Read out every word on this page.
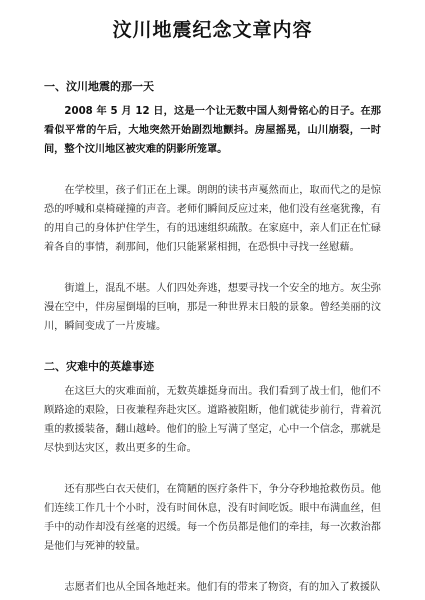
汶川地震纪念文章内容
一、汶川地震的那一天

2008 年 5 月 12 日，这是一个让无数中国人刻骨铭心的日子。在那看似平常的午后，大地突然开始剧烈地颤抖。房屋摇晃，山川崩裂，一时间，整个汶川地区被灾难的阴影所笼罩。

在学校里，孩子们正在上课。朗朗的读书声戛然而止，取而代之的是惊恐的呼喊和桌椅碰撞的声音。老师们瞬间反应过来，他们没有丝毫犹豫，有的用自己的身体护住学生，有的迅速组织疏散。在家庭中，亲人们正在忙碌着各自的事情，刹那间，他们只能紧紧相拥，在恐惧中寻找一丝慰藉。

街道上，混乱不堪。人们四处奔逃，想要寻找一个安全的地方。灰尘弥漫在空中，伴房屋倒塌的巨响，那是一种世界末日般的景象。曾经美丽的汶川，瞬间变成了一片废墟。

二、灾难中的英雄事迹

在这巨大的灾难面前，无数英雄挺身而出。我们看到了战士们，他们不顾路途的艰险，日夜兼程奔赴灾区。道路被阻断，他们就徒步前行，背着沉重的救援装备，翻山越岭。他们的脸上写满了坚定，心中一个信念，那就是尽快到达灾区，救出更多的生命。

还有那些白衣天使们，在简陋的医疗条件下，争分夺秒地抢救伤员。他们连续工作几十个小时，没有时间休息，没有时间吃饭。眼中布满血丝，但手中的动作却没有丝毫的迟缓。每一个伤员都是他们的牵挂，每一次救治都是他们与死神的较量。

志愿者们也从全国各地赶来。他们有的带来了物资，有的加入了救援队
